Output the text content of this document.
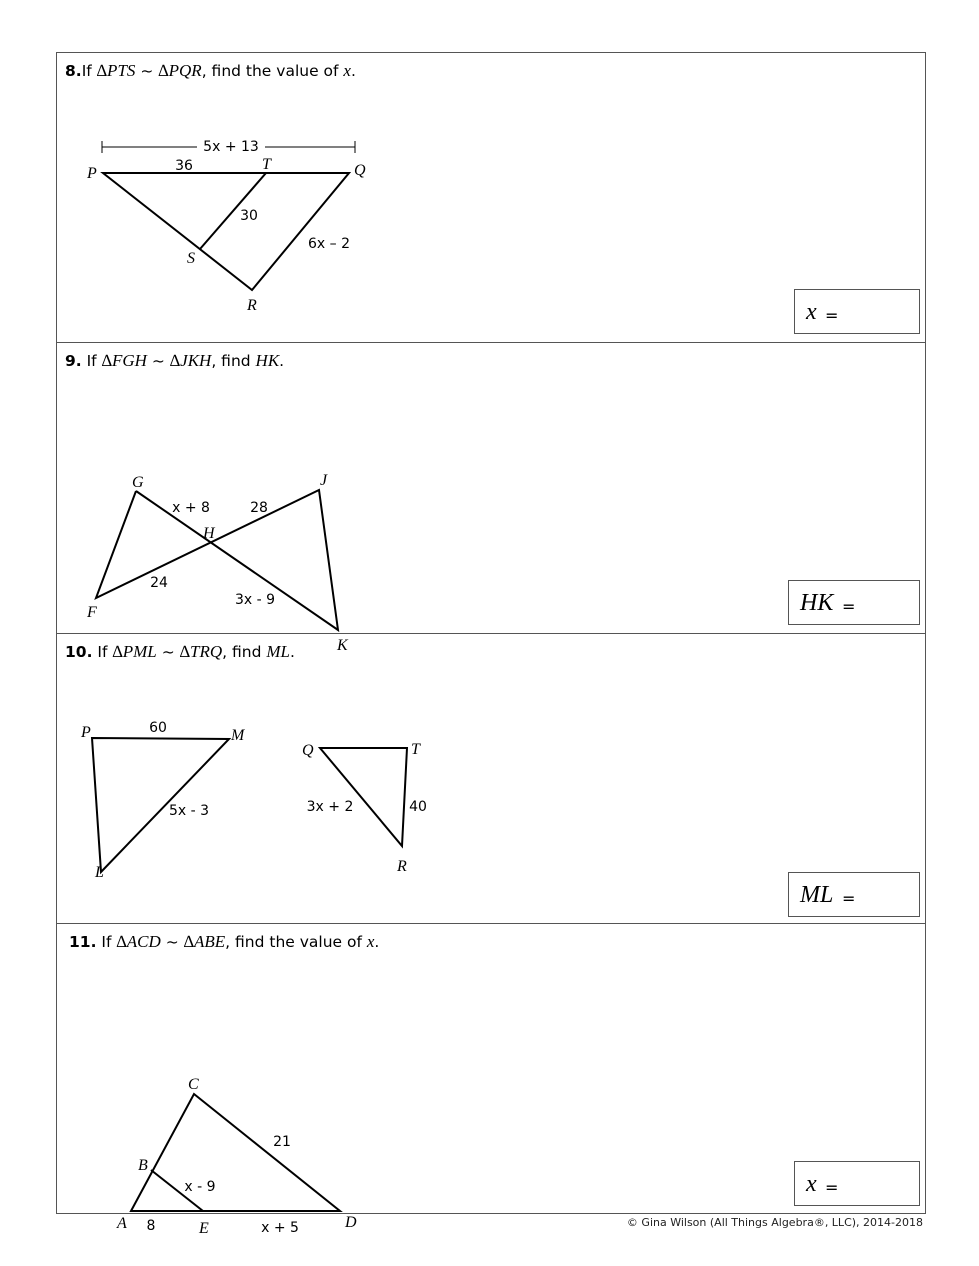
8.If ∆PTS ~ ∆PQR, find the value of x.
5x + 13
36
30
6x – 2
P
T	Q
S
R	x =
9. If ∆FGH ~ ∆JKH, find HK.
G	J
H
F
K
x + 8	28
24
3x - 9	HK =
10. If ∆PML ~ ∆TRQ, find ML.
P	M
L
Q	T
R
60
5x - 3	3x + 2	40
ML =
11. If ∆ACD ~ ∆ABE, find the value of x.
C
B
A	E	D
21
x - 9
8	x + 5
x =
© Gina Wilson (All Things Algebra®, LLC), 2014-2018
